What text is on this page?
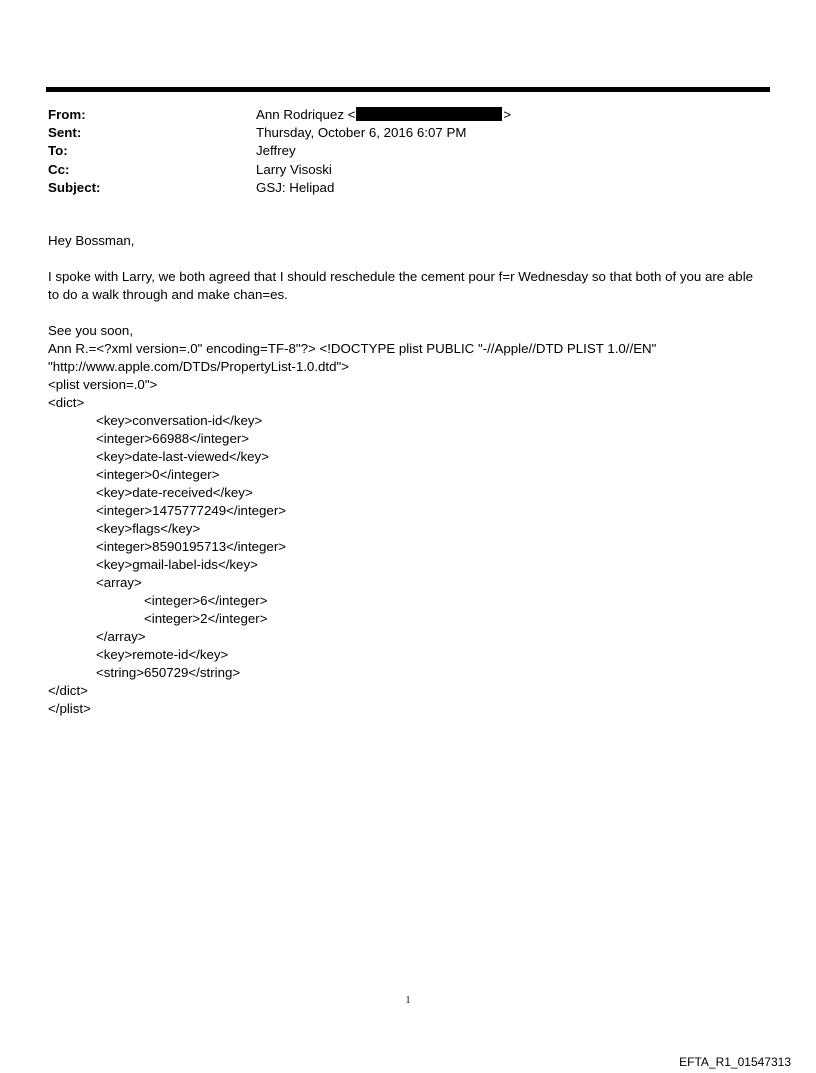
From:	Ann Rodriquez <	>
Sent:	Thursday, October 6, 2016 6:07 PM
To:	Jeffrey
Cc:	Larry Visoski
Subject:	GSJ: Helipad

Hey Bossman,

I spoke with Larry, we both agreed that I should reschedule the cement pour f=r Wednesday so that both of you are able

to do a walk through and make chan=es.

See you soon,

Ann R.=<?xml version=.0" encoding=TF-8"?> <!DOCTYPE plist PUBLIC "-//Apple//DTD PLIST 1.0//EN"

"http://www.apple.com/DTDs/PropertyList-1.0.dtd">

<plist version=.0">

<dict>

<key>conversation-id</key>

<integer>66988</integer>

<key>date-last-viewed</key>

<integer>0</integer>

<key>date-received</key>

<integer>1475777249</integer>

<key>flags</key>

<integer>8590195713</integer>

<key>gmail-label-ids</key>

<array>

<integer>6</integer>

<integer>2</integer>

</array>

<key>remote-id</key>

<string>650729</string>

</dict>

</plist>

1
EFTA_R1_01547313
